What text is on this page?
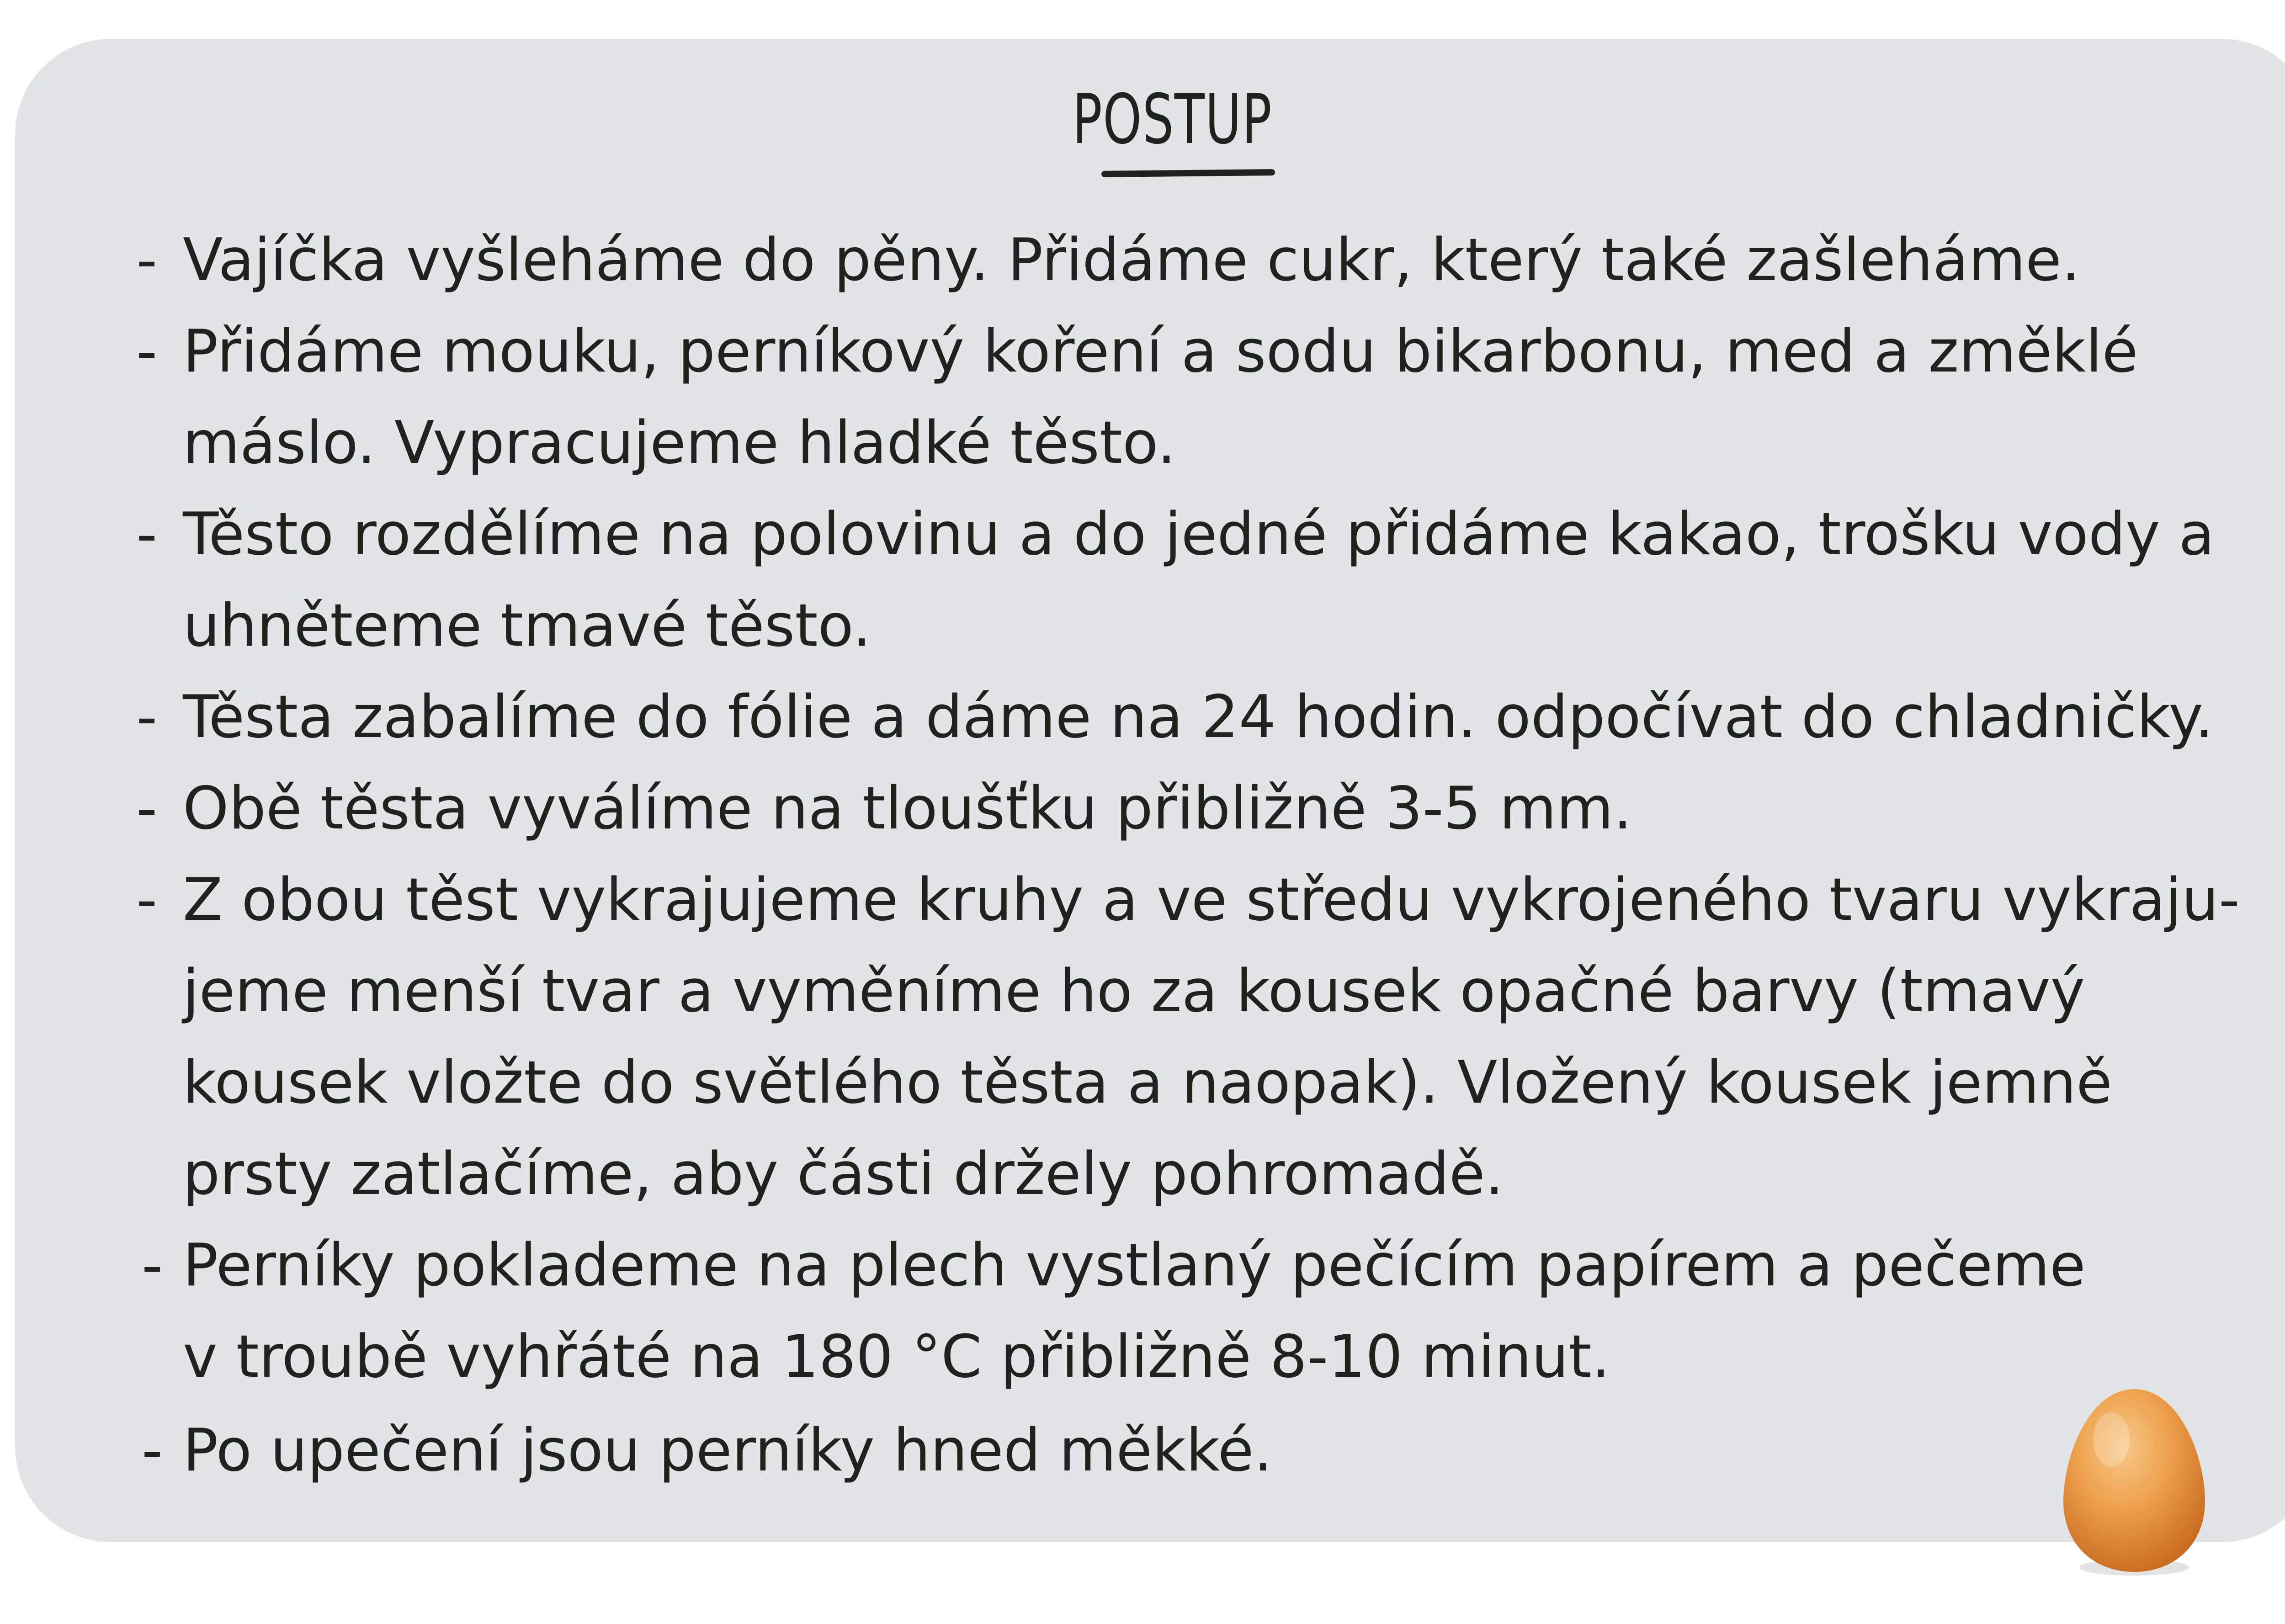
POSTUP
- Vajíčka vyšleháme do pěny. Přidáme cukr, který také zašleháme.
- Přidáme mouku, perníkový koření a sodu bikarbonu, med a změklé
máslo. Vypracujeme hladké těsto.
- Těsto rozdělíme na polovinu a do jedné přidáme kakao, trošku vody a
uhněteme tmavé těsto.
- Těsta zabalíme do fólie a dáme na 24 hodin. odpočívat do chladničky.
- Obě těsta vyválíme na tloušťku přibližně 3-5 mm.
- Z obou těst vykrajujeme kruhy a ve středu vykrojeného tvaru vykraju-
jeme menší tvar a vyměníme ho za kousek opačné barvy (tmavý
kousek vložte do světlého těsta a naopak). Vložený kousek jemně
prsty zatlačíme, aby části držely pohromadě.
- Perníky poklademe na plech vystlaný pečícím papírem a pečeme
v troubě vyhřáté na 180 °C přibližně 8-10 minut.
- Po upečení jsou perníky hned měkké.
